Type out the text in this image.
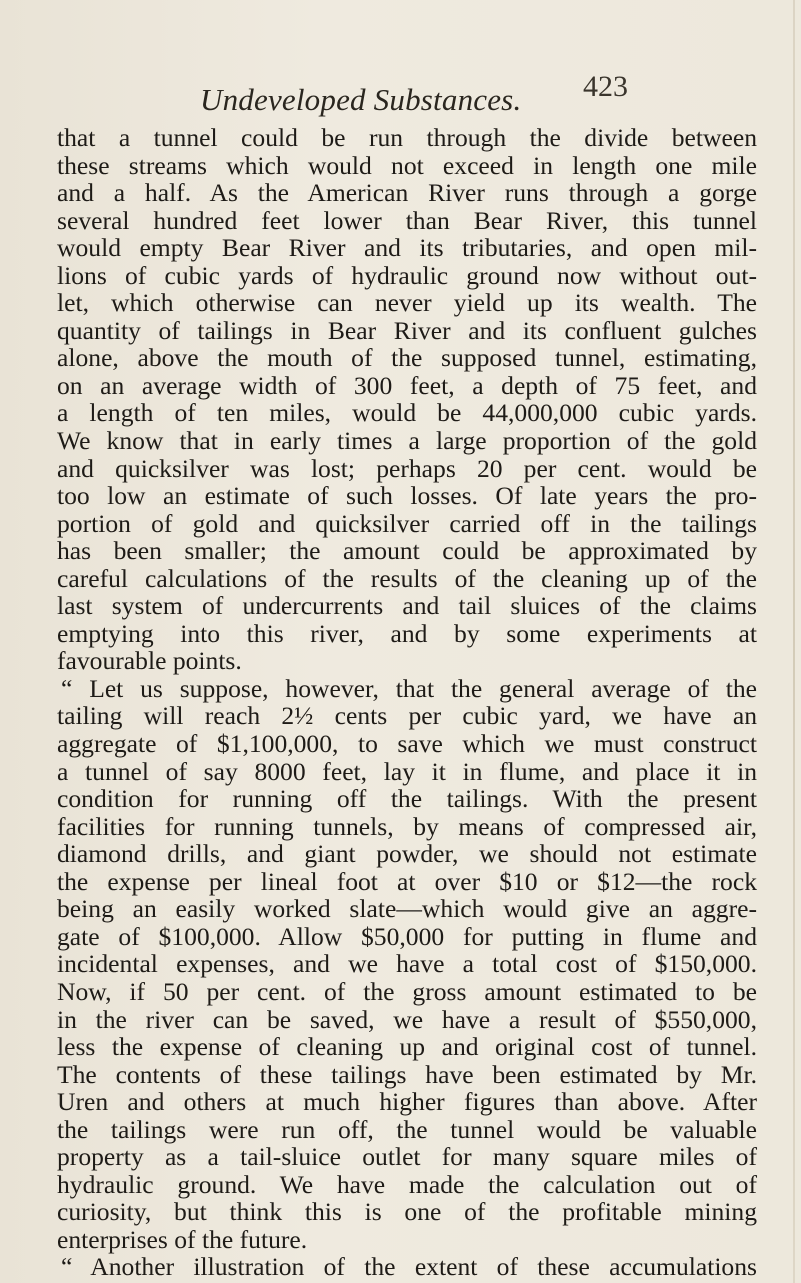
Undeveloped Substances. 423
that a tunnel could be run through the divide between
these streams which would not exceed in length one mile
and a half. As the American River runs through a gorge
several hundred feet lower than Bear River, this tunnel
would empty Bear River and its tributaries, and open mil-
lions of cubic yards of hydraulic ground now without out-
let, which otherwise can never yield up its wealth. The
quantity of tailings in Bear River and its confluent gulches
alone, above the mouth of the supposed tunnel, estimating,
on an average width of 300 feet, a depth of 75 feet, and
a length of ten miles, would be 44,000,000 cubic yards.
We know that in early times a large proportion of the gold
and quicksilver was lost; perhaps 20 per cent. would be
too low an estimate of such losses. Of late years the pro-
portion of gold and quicksilver carried off in the tailings
has been smaller; the amount could be approximated by
careful calculations of the results of the cleaning up of the
last system of undercurrents and tail sluices of the claims
emptying into this river, and by some experiments at
favourable points.
“ Let us suppose, however, that the general average of the
tailing will reach 2½ cents per cubic yard, we have an
aggregate of $1,100,000, to save which we must construct
a tunnel of say 8000 feet, lay it in flume, and place it in
condition for running off the tailings. With the present
facilities for running tunnels, by means of compressed air,
diamond drills, and giant powder, we should not estimate
the expense per lineal foot at over $10 or $12—the rock
being an easily worked slate—which would give an aggre-
gate of $100,000. Allow $50,000 for putting in flume and
incidental expenses, and we have a total cost of $150,000.
Now, if 50 per cent. of the gross amount estimated to be
in the river can be saved, we have a result of $550,000,
less the expense of cleaning up and original cost of tunnel.
The contents of these tailings have been estimated by Mr.
Uren and others at much higher figures than above. After
the tailings were run off, the tunnel would be valuable
property as a tail-sluice outlet for many square miles of
hydraulic ground. We have made the calculation out of
curiosity, but think this is one of the profitable mining
enterprises of the future.
“ Another illustration of the extent of these accumulations
